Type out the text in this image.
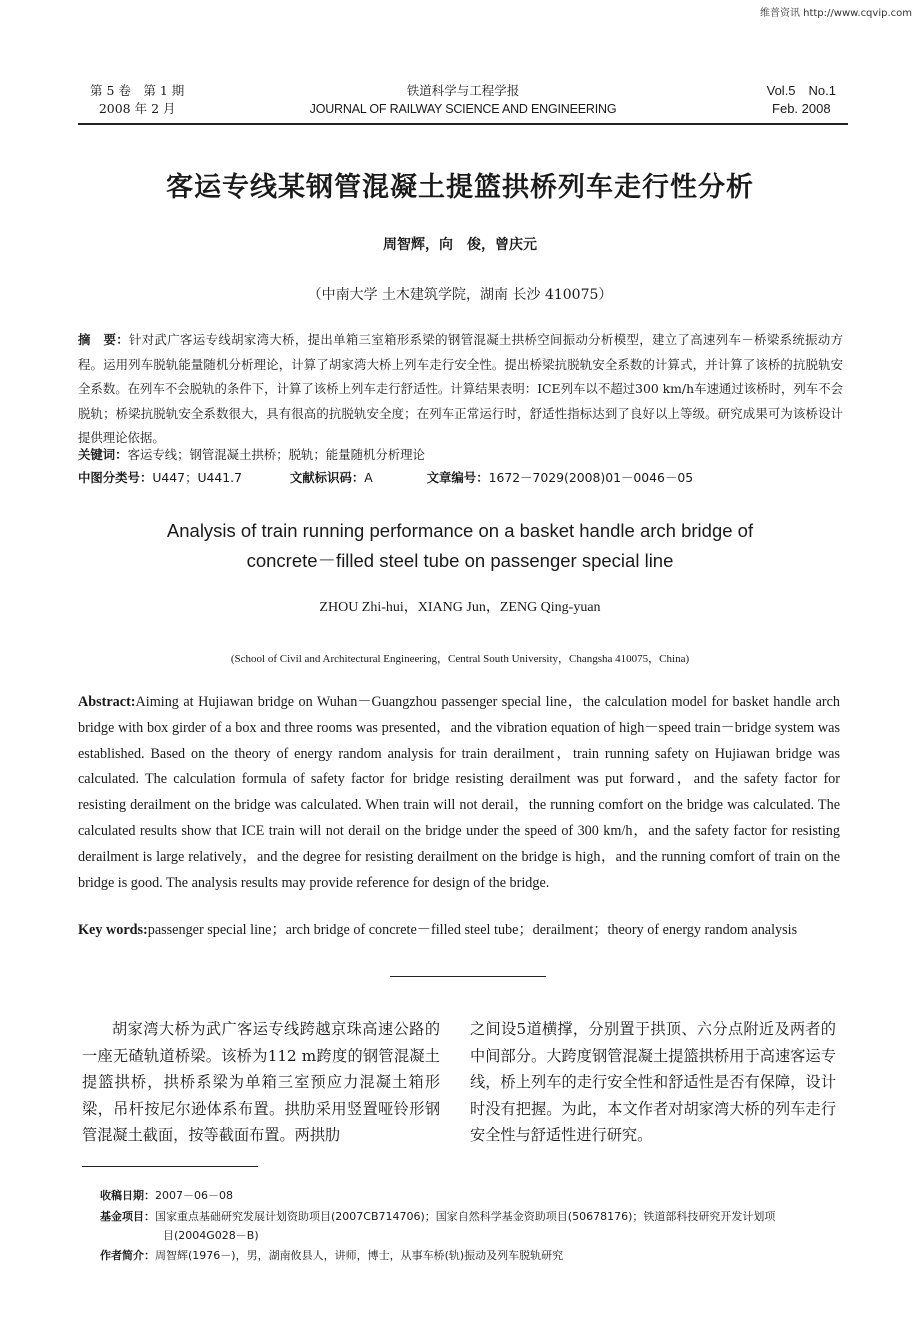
维普资讯 http://www.cqvip.com
第 5 卷　第 1 期
2008 年 2 月
铁道科学与工程学报
JOURNAL OF RAILWAY SCIENCE AND ENGINEERING
Vol.5　No.1
Feb. 2008
客运专线某钢管混凝土提篮拱桥列车走行性分析
周智辉，向　俊，曾庆元
（中南大学 土木建筑学院，湖南 长沙 410075）
摘　要：针对武广客运专线胡家湾大桥，提出单箱三室箱形系梁的钢管混凝土拱桥空间振动分析模型，建立了高速列车－桥梁系统振动方程。运用列车脱轨能量随机分析理论，计算了胡家湾大桥上列车走行安全性。提出桥梁抗脱轨安全系数的计算式，并计算了该桥的抗脱轨安全系数。在列车不会脱轨的条件下，计算了该桥上列车走行舒适性。计算结果表明：ICE列车以不超过300 km/h车速通过该桥时，列车不会脱轨；桥梁抗脱轨安全系数很大，具有很高的抗脱轨安全度；在列车正常运行时，舒适性指标达到了良好以上等级。研究成果可为该桥设计提供理论依据。
关键词：客运专线；钢管混凝土拱桥；脱轨；能量随机分析理论
中图分类号：U447；U441.7	文献标识码：A	文章编号：1672－7029(2008)01－0046－05
Analysis of train running performance on a basket handle arch bridge of
concrete－filled steel tube on passenger special line
ZHOU Zhi-hui，XIANG Jun，ZENG Qing-yuan
(School of Civil and Architectural Engineering，Central South University，Changsha 410075，China)
Abstract:Aiming at Hujiawan bridge on Wuhan－Guangzhou passenger special line，the calculation model for basket handle arch bridge with box girder of a box and three rooms was presented，and the vibration equation of high－speed train－bridge system was established. Based on the theory of energy random analysis for train derailment，train running safety on Hujiawan bridge was calculated. The calculation formula of safety factor for bridge resisting derailment was put forward，and the safety factor for resisting derailment on the bridge was calculated. When train will not derail，the running comfort on the bridge was calculated. The calculated results show that ICE train will not derail on the bridge under the speed of 300 km/h，and the safety factor for resisting derailment is large relatively，and the degree for resisting derailment on the bridge is high，and the running comfort of train on the bridge is good. The analysis results may provide reference for design of the bridge.
Key words:passenger special line；arch bridge of concrete－filled steel tube；derailment；theory of energy random analysis
胡家湾大桥为武广客运专线跨越京珠高速公路的一座无碴轨道桥梁。该桥为112 m跨度的钢管混凝土提篮拱桥，拱桥系梁为单箱三室预应力混凝土箱形梁，吊杆按尼尔逊体系布置。拱肋采用竖置哑铃形钢管混凝土截面，按等截面布置。两拱肋
之间设5道横撑，分别置于拱顶、六分点附近及两者的中间部分。大跨度钢管混凝土提篮拱桥用于高速客运专线，桥上列车的走行安全性和舒适性是否有保障，设计时没有把握。为此，本文作者对胡家湾大桥的列车走行安全性与舒适性进行研究。
收稿日期：2007－06－08
基金项目：国家重点基础研究发展计划资助项目(2007CB714706)；国家自然科学基金资助项目(50678176)；铁道部科技研究开发计划项
目(2004G028－B)
作者简介：周智辉(1976－)，男，湖南攸县人，讲师，博士，从事车桥(轨)振动及列车脱轨研究
